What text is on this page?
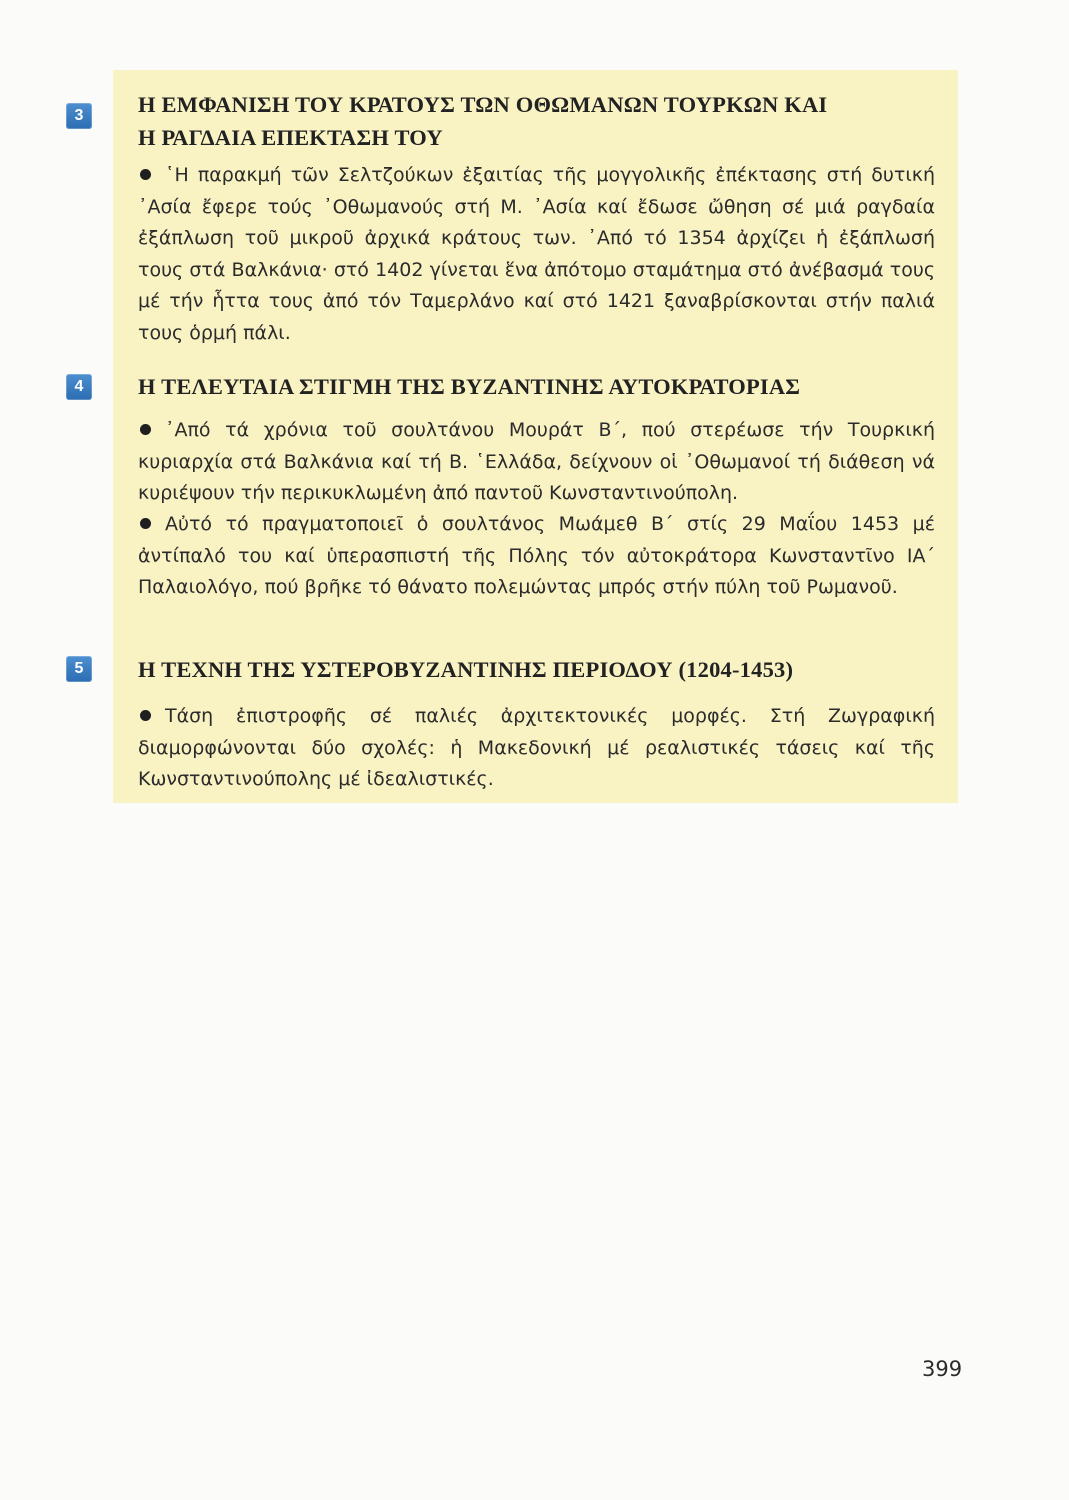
3	Η ΕΜΦΑΝΙΣΗ ΤΟΥ ΚΡΑΤΟΥΣ ΤΩΝ ΟΘΩΜΑΝΩΝ ΤΟΥΡΚΩΝ ΚΑΙ
Η ΡΑΓΔΑΙΑ ΕΠΕΚΤΑΣΗ ΤΟΥ

῾Η παρακμή τῶν Σελτζούκων ἐξαιτίας τῆς μογγολικῆς ἐπέκτασης στή δυτική ᾿Ασία ἔφερε τούς ᾿Οθωμανούς στή Μ. ᾿Ασία καί ἔδωσε ὤθηση σέ μιά ραγδαία ἐξάπλωση τοῦ μικροῦ ἀρχικά κράτους των. ᾿Από τό 1354 ἀρχίζει ἡ ἐξάπλωσή τους στά Βαλκάνια· στό 1402 γίνεται ἕνα ἀπότομο σταμάτημα στό ἀνέβασμά τους μέ τήν ἧττα τους ἀπό τόν Ταμερλάνο καί στό 1421 ξαναβρίσκονται στήν παλιά τους ὁρμή πάλι.

4	Η ΤΕΛΕΥΤΑΙΑ ΣΤΙΓΜΗ ΤΗΣ ΒΥΖΑΝΤΙΝΗΣ ΑΥΤΟΚΡΑΤΟΡΙΑΣ

᾿Από τά χρόνια τοῦ σουλτάνου Μουράτ Β΄, πού στερέωσε τήν Τουρκική κυριαρχία στά Βαλκάνια καί τή Β. ῾Ελλάδα, δείχνουν οἱ ᾿Οθωμανοί τή διάθεση νά κυριέψουν τήν περικυκλωμένη ἀπό παντοῦ Κωνσταντινούπολη.

Αὐτό τό πραγματοποιεῖ ὁ σουλτάνος Μωάμεθ Β΄ στίς 29 Μαΐου 1453 μέ ἀντίπαλό του καί ὑπερασπιστή τῆς Πόλης τόν αὐτοκράτορα Κωνσταντῖνο ΙΑ΄ Παλαιολόγο, πού βρῆκε τό θάνατο πολεμώντας μπρός στήν πύλη τοῦ Ρωμανοῦ.

5	Η ΤΕΧΝΗ ΤΗΣ ΥΣΤΕΡΟΒΥΖΑΝΤΙΝΗΣ ΠΕΡΙΟΔΟΥ (1204-1453)

Τάση ἐπιστροφῆς σέ παλιές ἀρχιτεκτονικές μορφές. Στή Ζωγραφική διαμορφώνονται δύο σχολές: ἡ Μακεδονική μέ ρεαλιστικές τάσεις καί τῆς Κωνσταντινούπολης μέ ἰδεαλιστικές.

399
